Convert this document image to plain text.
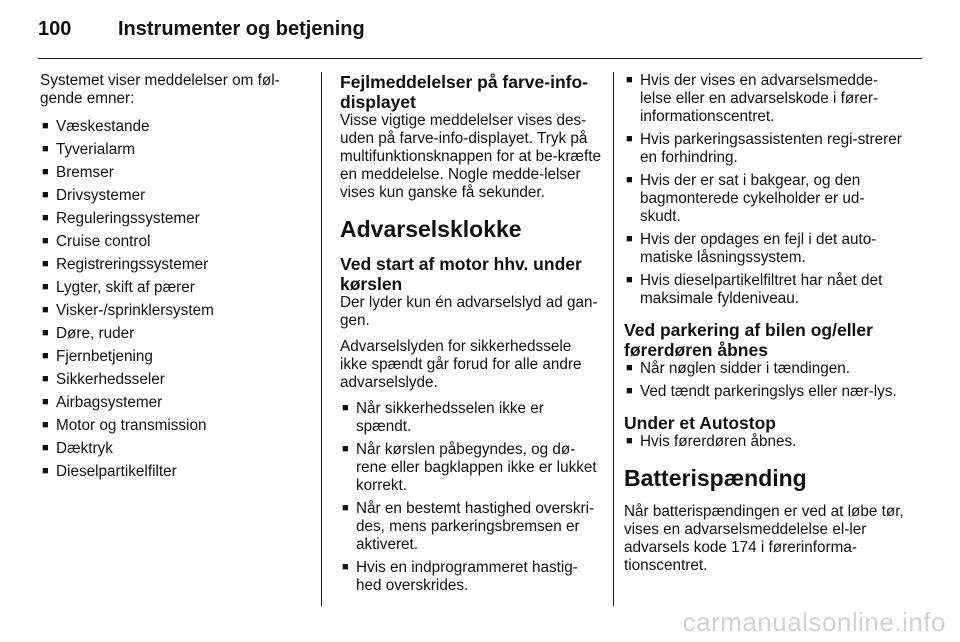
100 Instrumenter og betjening

Systemet viser meddelelser om føl-gende emner:

■ Væskestande
■ Tyverialarm
■ Bremser
■ Drivsystemer
■ Reguleringssystemer
■ Cruise control
■ Registreringssystemer
■ Lygter, skift af pærer
■ Visker-/sprinklersystem
■ Døre, ruder
■ Fjernbetjening
■ Sikkerhedsseler
■ Airbagsystemer
■ Motor og transmission
■ Dæktryk
■ Dieselpartikelfilter
Fejlmeddelelser på farve-info-displayet

Visse vigtige meddelelser vises des-uden på farve-info-displayet. Tryk på multifunktionsknappen for at be-kræfte en meddelelse. Nogle medde-lelser vises kun ganske få sekunder.

Advarselsklokke
Ved start af motor hhv. under kørslen

Der lyder kun én advarselslyd ad gan-gen.

Advarselslyden for sikkerhedssele ikke spændt går forud for alle andre advarselslyde.

■ Når sikkerhedsselen ikke er spændt.
■ Når kørslen påbegyndes, og dø-rene eller bagklappen ikke er lukket korrekt.
■ Når en bestemt hastighed overskri-des, mens parkeringsbremsen er aktiveret.
■ Hvis en indprogrammeret hastig-hed overskrides.
■ Hvis der vises en advarselsmedde-lelse eller en advarselskode i fører-informationscentret.
■ Hvis parkeringsassistenten regi-strerer en forhindring.
■ Hvis der er sat i bakgear, og den bagmonterede cykelholder er ud-skudt.
■ Hvis der opdages en fejl i det auto-matiske låsningssystem.
■ Hvis dieselpartikelfiltret har nået det maksimale fyldeniveau.
Ved parkering af bilen og/eller førerdøren åbnes
■ Når nøglen sidder i tændingen.
■ Ved tændt parkeringslys eller nær-lys.
Under et Autostop
■ Hvis førerdøren åbnes.
Batterispænding

Når batterispændingen er ved at løbe tør, vises en advarselsmeddelelse el-ler advarsels kode 174 i førerinforma-tionscentret.

carmanualsonline.info
